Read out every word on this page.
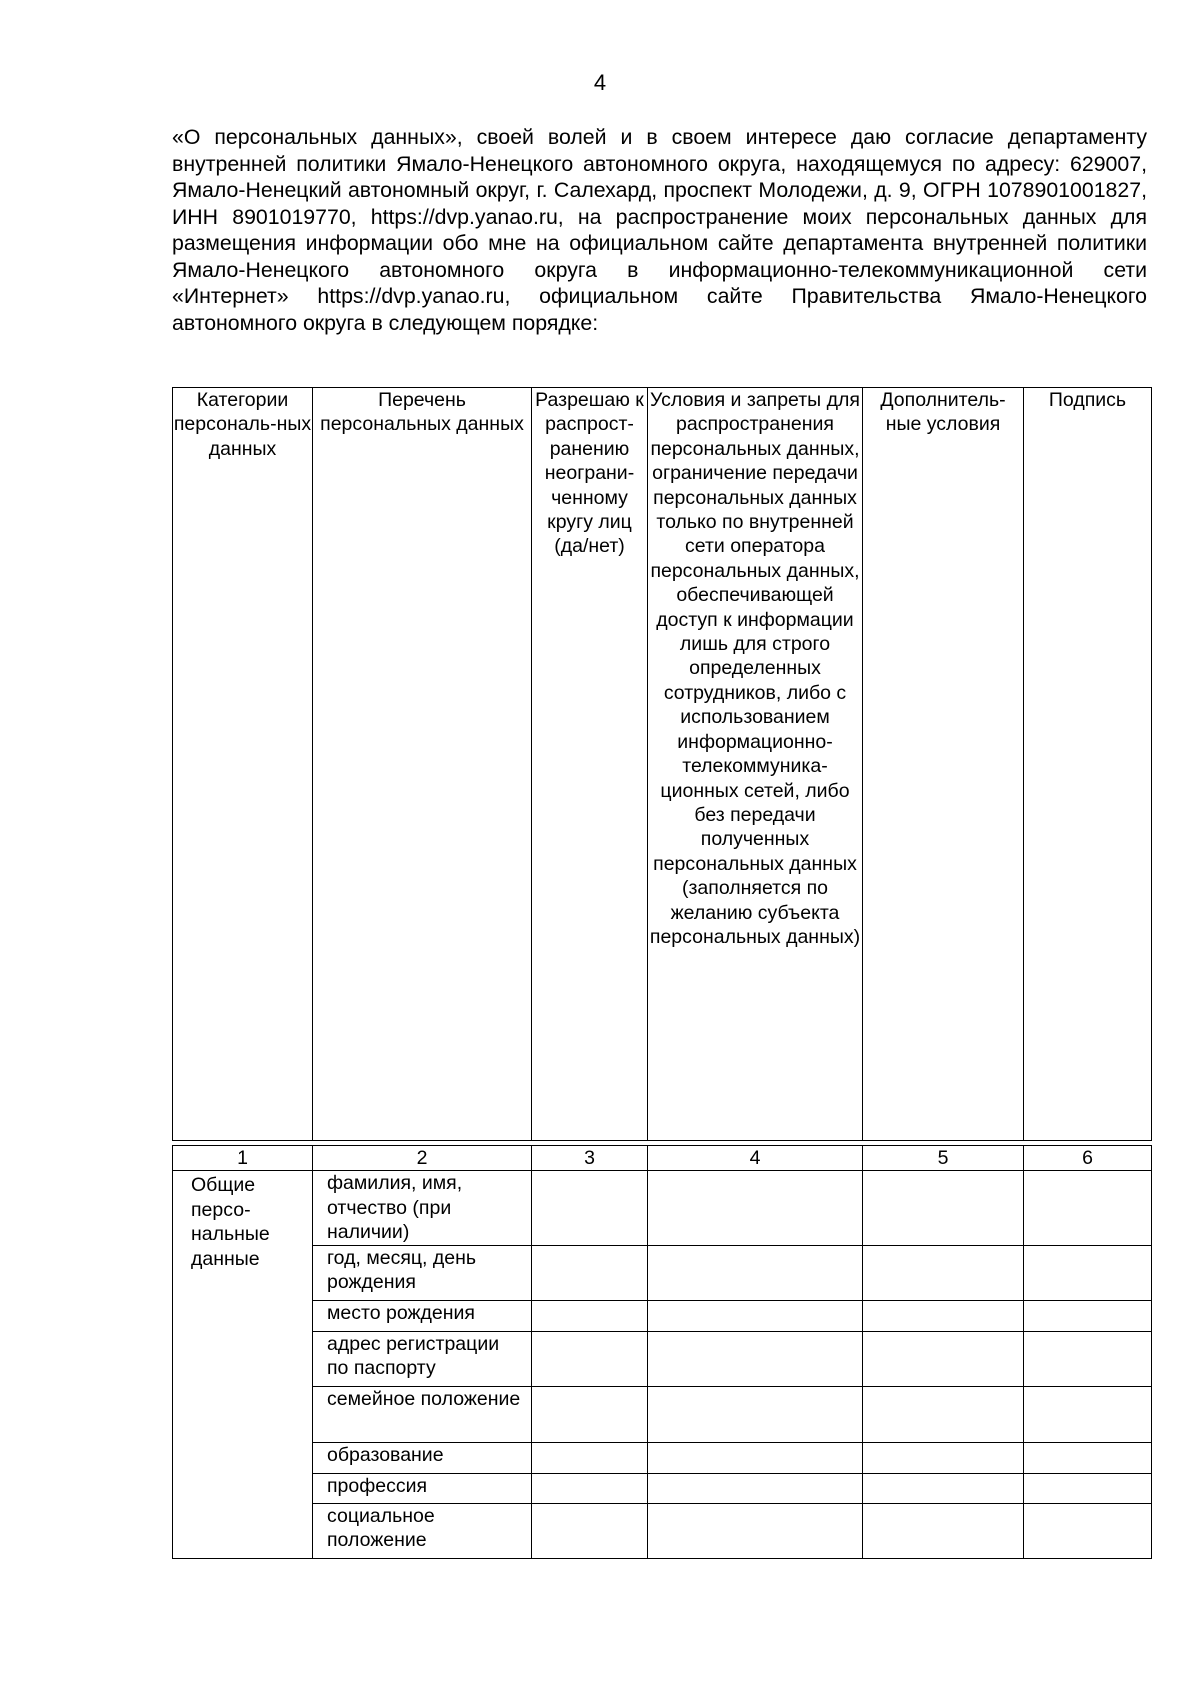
4

«О персональных данных», своей волей и в своем интересе даю согласие департаменту внутренней политики Ямало-Ненецкого автономного округа, находящемуся по адресу: 629007, Ямало-Ненецкий автономный округ, г. Салехард, проспект Молодежи, д. 9, ОГРН 1078901001827, ИНН 8901019770, https://dvp.yanao.ru, на распространение моих персональных данных для размещения информации обо мне на официальном сайте департамента внутренней политики Ямало-Ненецкого автономного округа в информационно-телекоммуникационной сети «Интернет» https://dvp.yanao.ru, официальном сайте Правительства Ямало-Ненецкого автономного округа в следующем порядке:

Категории персональ-ных данных	Перечень персональных данных	Разрешаю к распрост-ранению неограни-ченному кругу лиц (да/нет)	Условия и запреты для распространения персональных данных, ограничение передачи персональных данных только по внутренней сети оператора персональных данных, обеспечивающей доступ к информации лишь для строго определенных сотрудников, либо с использованием информационно-телекоммуника-ционных сетей, либо без передачи полученных персональных данных (заполняется по желанию субъекта персональных данных)	Дополнитель-ные условия	Подпись
1	2	3	4	5	6
Общие персо-нальные данные	фамилия, имя, отчество (при наличии)				
	год, месяц, день рождения				
	место рождения				
	адрес регистрации по паспорту				
	семейное положение				
	образование				
	профессия				
	социальное положение				
